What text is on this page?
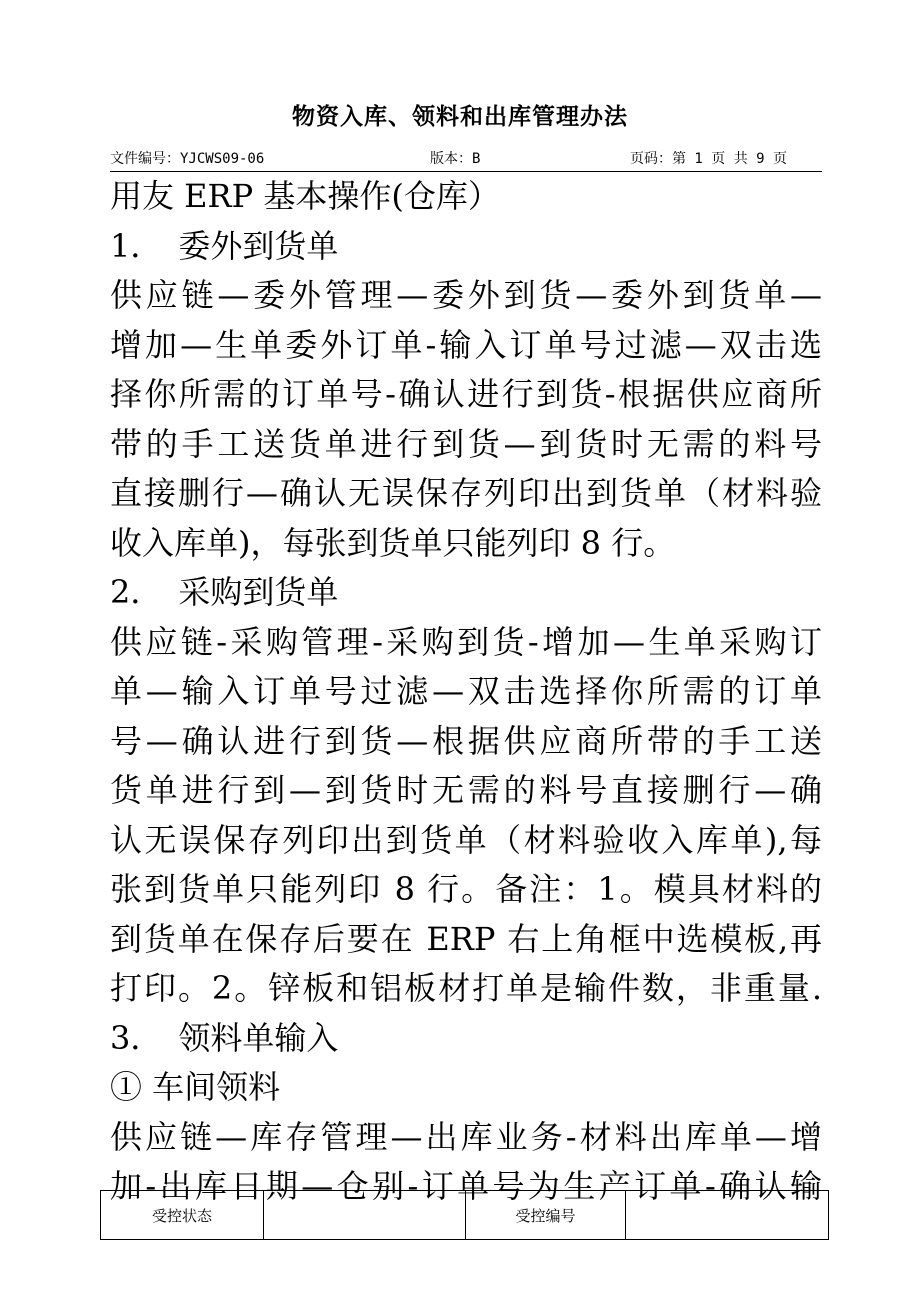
物资入库、领料和出库管理办法
文件编号：YJCWS09-06	版本：B	页码：第 1 页 共 9 页
用友 ERP 基本操作(仓库）
1．　委外到货单
供应链—委外管理—委外到货—委外到货单—
增加—生单委外订单-输入订单号过滤—双击选
择你所需的订单号-确认进行到货-根据供应商所
带的手工送货单进行到货—到货时无需的料号
直接删行—确认无误保存列印出到货单（材料验
收入库单)，每张到货单只能列印 8 行。
2．　采购到货单
供应链-采购管理-采购到货-增加—生单采购订
单—输入订单号过滤—双击选择你所需的订单
号—确认进行到货—根据供应商所带的手工送
货单进行到—到货时无需的料号直接删行—确
认无误保存列印出到货单（材料验收入库单),每
张到货单只能列印 8 行。备注：1。模具材料的
到货单在保存后要在 ERP 右上角框中选模板,再
打印。2。锌板和铝板材打单是输件数，非重量.
3．　领料单输入
① 车间领料
供应链—库存管理—出库业务-材料出库单—增
加-出库日期—仓别-订单号为生产订单-确认输
受控状态		受控编号	
